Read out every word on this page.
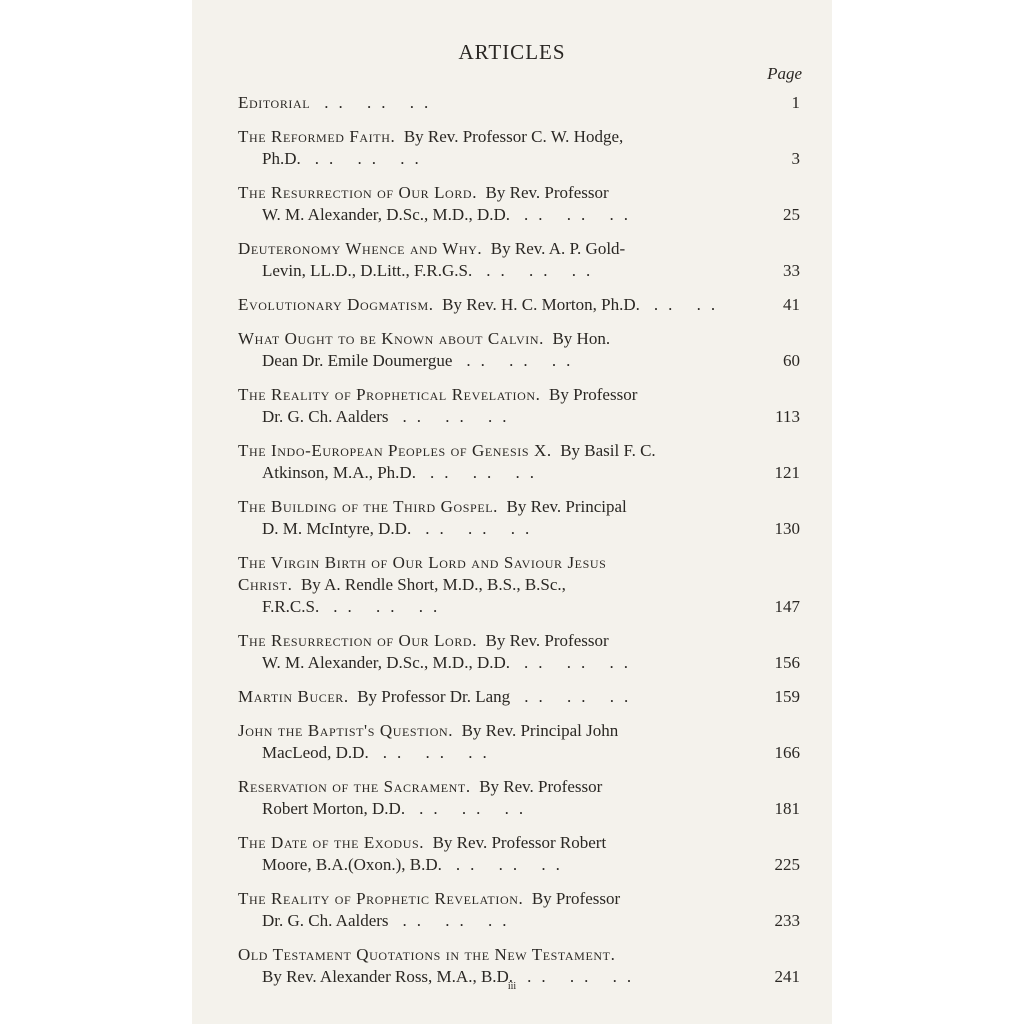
ARTICLES
Page
Editorial .. .. ..	1
The Reformed Faith.  By Rev. Professor C. W. Hodge,
Ph.D. .. .. ..	3
The Resurrection of Our Lord.  By Rev. Professor
W. M. Alexander, D.Sc., M.D., D.D. .. .. ..	25
Deuteronomy Whence and Why.  By Rev. A. P. Gold-
Levin, LL.D., D.Litt., F.R.G.S. .. .. ..	33
Evolutionary Dogmatism.  By Rev. H. C. Morton, Ph.D. .. ..	41
What Ought to be Known about Calvin.  By Hon.
Dean Dr. Emile Doumergue .. .. ..	60
The Reality of Prophetical Revelation.  By Professor
Dr. G. Ch. Aalders .. .. ..	113
The Indo-European Peoples of Genesis X.  By Basil F. C.
Atkinson, M.A., Ph.D. .. .. ..	121
The Building of the Third Gospel.  By Rev. Principal
D. M. McIntyre, D.D. .. .. ..	130
The Virgin Birth of Our Lord and Saviour Jesus
Christ.  By A. Rendle Short, M.D., B.S., B.Sc.,
F.R.C.S. .. .. ..	147
The Resurrection of Our Lord.  By Rev. Professor
W. M. Alexander, D.Sc., M.D., D.D. .. .. ..	156
Martin Bucer.  By Professor Dr. Lang .. .. ..	159
John the Baptist's Question.  By Rev. Principal John
MacLeod, D.D. .. .. ..	166
Reservation of the Sacrament.  By Rev. Professor
Robert Morton, D.D. .. .. ..	181
The Date of the Exodus.  By Rev. Professor Robert
Moore, B.A.(Oxon.), B.D. .. .. ..	225
The Reality of Prophetic Revelation.  By Professor
Dr. G. Ch. Aalders .. .. ..	233
Old Testament Quotations in the New Testament.
By Rev. Alexander Ross, M.A., B.D. .. .. ..	241
iii
